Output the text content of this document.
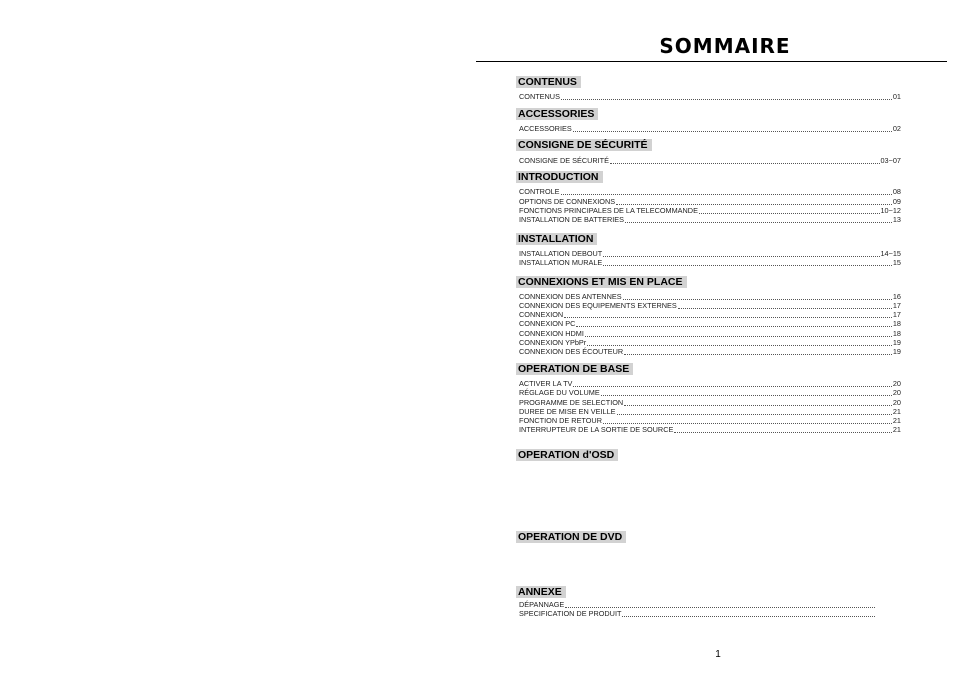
SOMMAIRE
CONTENUS
CONTENUS	01
ACCESSORIES
ACCESSORIES	02
CONSIGNE DE SÉCURITÉ
CONSIGNE DE SÉCURITÉ	03~07
INTRODUCTION
CONTROLE	08
OPTIONS DE CONNEXIONS	09
FONCTIONS PRINCIPALES DE LA TELECOMMANDE	10~12
INSTALLATION DE BATTERIES	13
INSTALLATION
INSTALLATION DEBOUT	14~15
INSTALLATION MURALE	15
CONNEXIONS ET MIS EN PLACE
CONNEXION DES ANTENNES	16
CONNEXION DES EQUIPEMENTS EXTERNES	17
CONNEXION	17
CONNEXION PC	18
CONNEXION HDMI	18
CONNEXION YPbPr	19
CONNEXION DES ÉCOUTEUR	19
OPERATION DE BASE
ACTIVER LA TV	20
RÉGLAGE DU VOLUME	20
PROGRAMME DE SELECTION	20
DUREE DE MISE EN VEILLE	21
FONCTION DE RETOUR	21
INTERRUPTEUR DE LA SORTIE DE SOURCE	21
OPERATION d'OSD
OPERATION DE DVD
ANNEXE
DÉPANNAGE
SPECIFICATION DE PRODUIT
1
